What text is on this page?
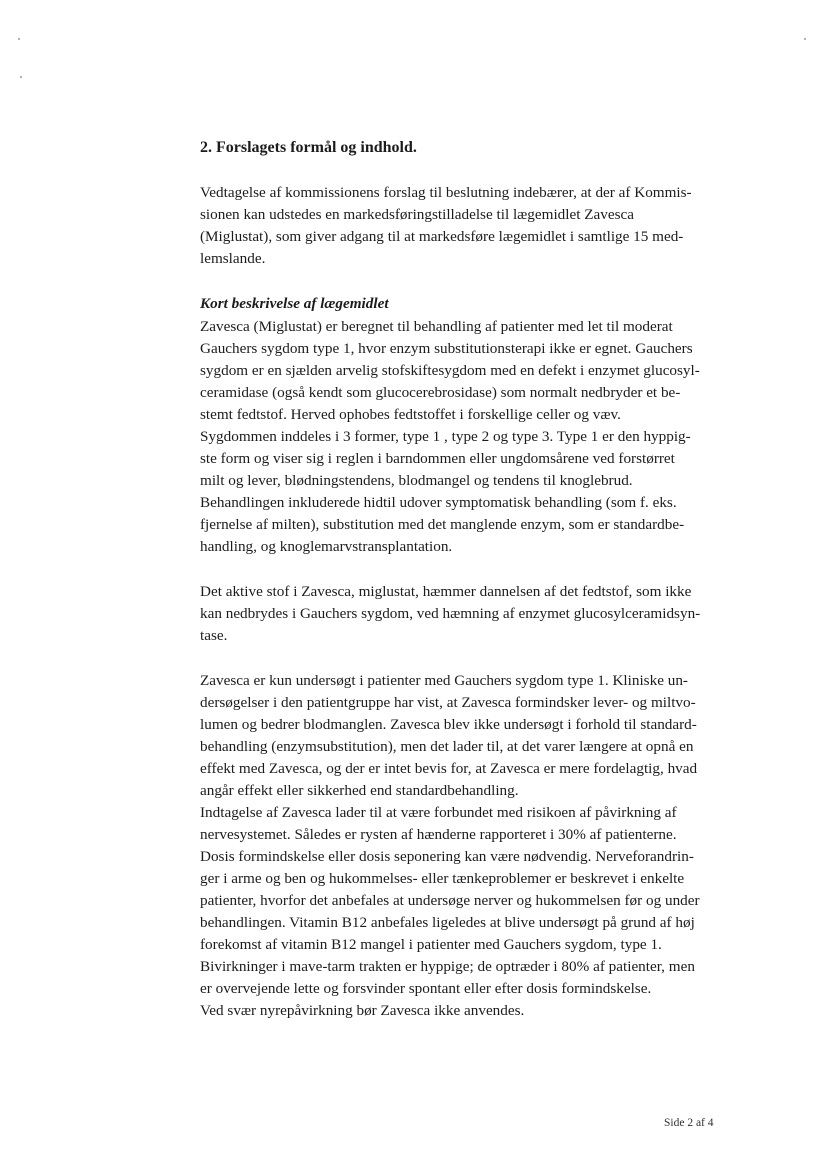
2. Forslagets formål og indhold.

Vedtagelse af kommissionens forslag til beslutning indebærer, at der af Kommis-

sionen kan udstedes en markedsføringstilladelse til lægemidlet Zavesca

(Miglustat), som giver adgang til at markedsføre lægemidlet i samtlige 15 med-

lemslande.

Kort beskrivelse af lægemidlet

Zavesca (Miglustat) er beregnet til behandling af patienter med let til moderat

Gauchers sygdom type 1, hvor enzym substitutionsterapi ikke er egnet. Gauchers

sygdom er en sjælden arvelig stofskiftesygdom med en defekt i enzymet glucosyl-

ceramidase (også kendt som glucocerebrosidase) som normalt nedbryder et be-

stemt fedtstof. Herved ophobes fedtstoffet i forskellige celler og væv.

Sygdommen inddeles i 3 former, type 1 , type 2 og type 3. Type 1 er den hyppig-

ste form og viser sig i reglen i barndommen eller ungdomsårene ved forstørret

milt og lever, blødningstendens, blodmangel og tendens til knoglebrud.

Behandlingen inkluderede hidtil udover symptomatisk behandling (som f. eks.

fjernelse af milten), substitution med det manglende enzym, som er standardbe-

handling, og knoglemarvstransplantation.

Det aktive stof i Zavesca, miglustat, hæmmer dannelsen af det fedtstof, som ikke

kan nedbrydes i Gauchers sygdom, ved hæmning af enzymet glucosylceramidsyn-

tase.

Zavesca er kun undersøgt i patienter med Gauchers sygdom type 1. Kliniske un-

dersøgelser i den patientgruppe har vist, at Zavesca formindsker lever- og miltvo-

lumen og bedrer blodmanglen. Zavesca blev ikke undersøgt i forhold til standard-

behandling (enzymsubstitution), men det lader til, at det varer længere at opnå en

effekt med Zavesca, og der er intet bevis for, at Zavesca er mere fordelagtig, hvad

angår effekt eller sikkerhed end standardbehandling.

Indtagelse af Zavesca lader til at være forbundet med risikoen af påvirkning af

nervesystemet. Således er rysten af hænderne rapporteret i 30% af patienterne.

Dosis formindskelse eller dosis seponering kan være nødvendig. Nerveforandrin-

ger i arme og ben og hukommelses- eller tænkeproblemer er beskrevet i enkelte

patienter, hvorfor det anbefales at undersøge nerver og hukommelsen før og under

behandlingen. Vitamin B12 anbefales ligeledes at blive undersøgt på grund af høj

forekomst af vitamin B12 mangel i patienter med Gauchers sygdom, type 1.

Bivirkninger i mave-tarm trakten er hyppige; de optræder i 80% af patienter, men

er overvejende lette og forsvinder spontant eller efter dosis formindskelse.

Ved svær nyrepåvirkning bør Zavesca ikke anvendes.

Side 2 af 4
